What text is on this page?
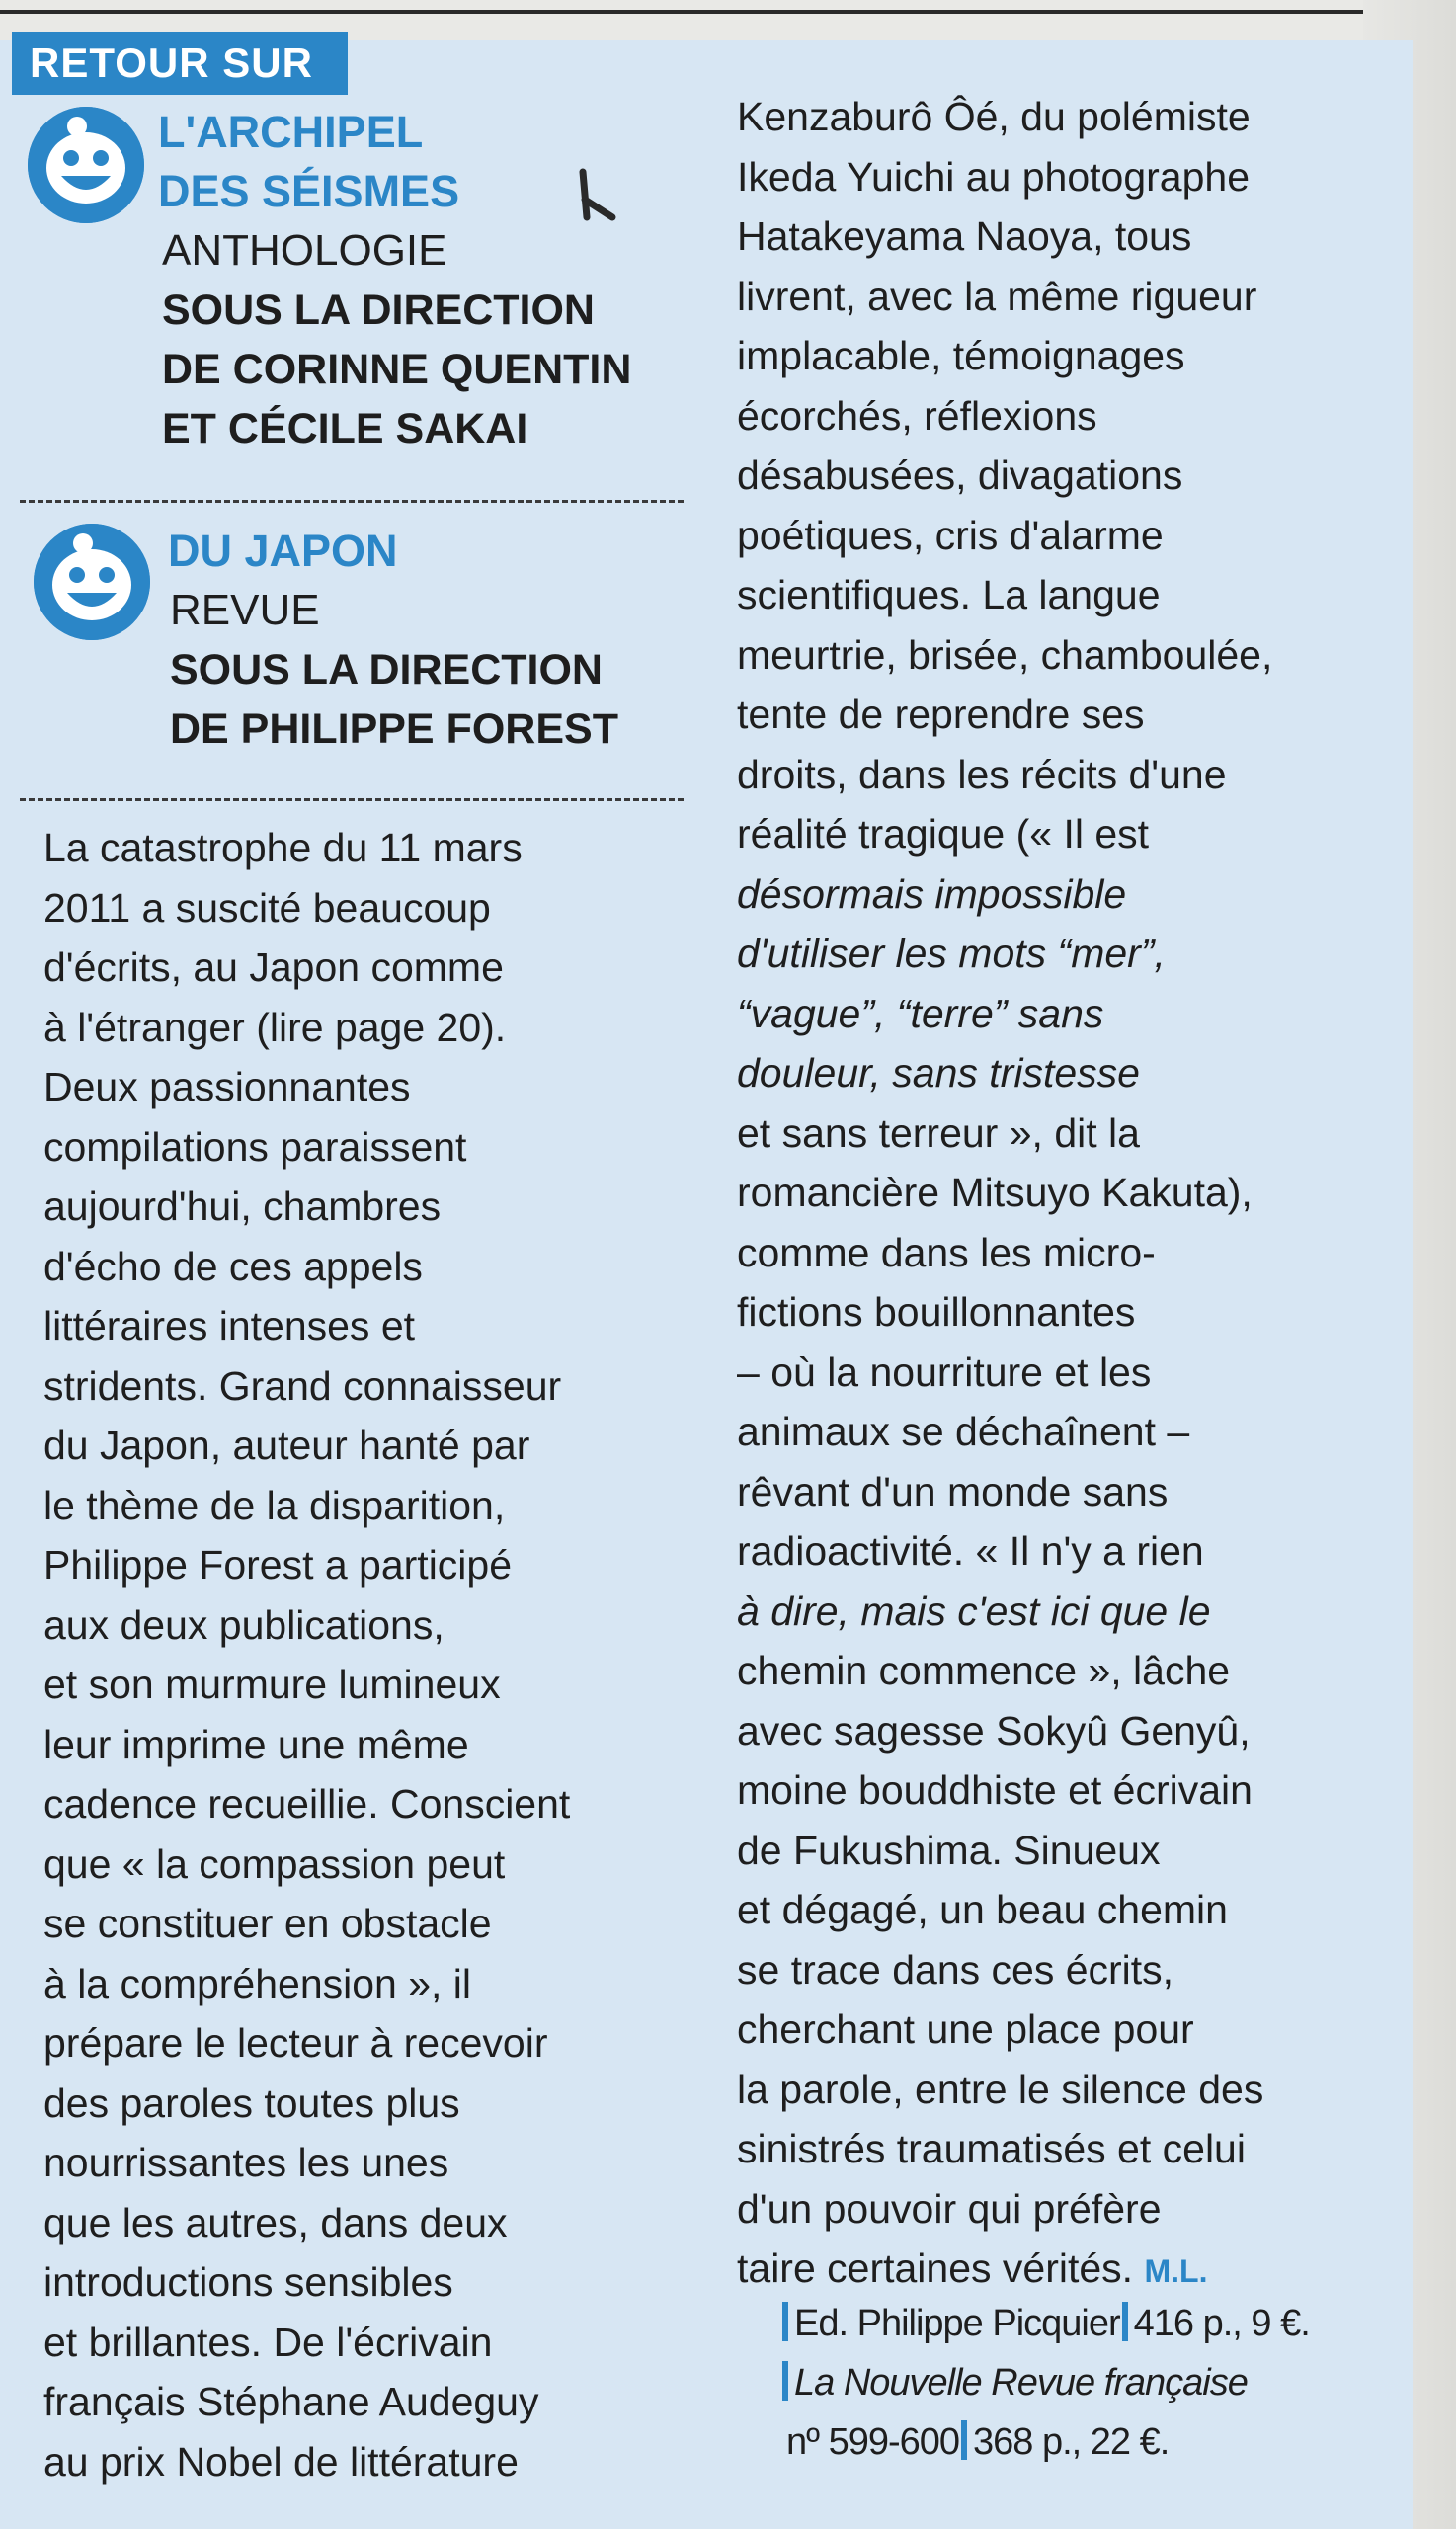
RETOUR SUR
L'ARCHIPEL
DES SÉISMES
ANTHOLOGIE
SOUS LA DIRECTION
DE CORINNE QUENTIN
ET CÉCILE SAKAI
DU JAPON
REVUE
SOUS LA DIRECTION
DE PHILIPPE FOREST
La catastrophe du 11 mars
2011 a suscité beaucoup
d'écrits, au Japon comme
à l'étranger (lire page 20).
Deux passionnantes
compilations paraissent
aujourd'hui, chambres
d'écho de ces appels
littéraires intenses et
stridents. Grand connaisseur
du Japon, auteur hanté par
le thème de la disparition,
Philippe Forest a participé
aux deux publications,
et son murmure lumineux
leur imprime une même
cadence recueillie. Conscient
que « la compassion peut
se constituer en obstacle
à la compréhension », il
prépare le lecteur à recevoir
des paroles toutes plus
nourrissantes les unes
que les autres, dans deux
introductions sensibles
et brillantes. De l'écrivain
français Stéphane Audeguy
au prix Nobel de littérature
Kenzaburô Ôé, du polémiste
Ikeda Yuichi au photographe
Hatakeyama Naoya, tous
livrent, avec la même rigueur
implacable, témoignages
écorchés, réflexions
désabusées, divagations
poétiques, cris d'alarme
scientifiques. La langue
meurtrie, brisée, chamboulée,
tente de reprendre ses
droits, dans les récits d'une
réalité tragique (« Il est
désormais impossible
d'utiliser les mots “mer”,
“vague”, “terre” sans
douleur, sans tristesse
et sans terreur », dit la
romancière Mitsuyo Kakuta),
comme dans les micro-
fictions bouillonnantes
– où la nourriture et les
animaux se déchaînent –
rêvant d'un monde sans
radioactivité. « Il n'y a rien
à dire, mais c'est ici que le
chemin commence », lâche
avec sagesse Sokyû Genyû,
moine bouddhiste et écrivain
de Fukushima. Sinueux
et dégagé, un beau chemin
se trace dans ces écrits,
cherchant une place pour
la parole, entre le silence des
sinistrés traumatisés et celui
d'un pouvoir qui préfère
taire certaines vérités. M.L.
Ed. Philippe Picquier 416 p., 9 €.
La Nouvelle Revue française
nº 599-600 368 p., 22 €.
